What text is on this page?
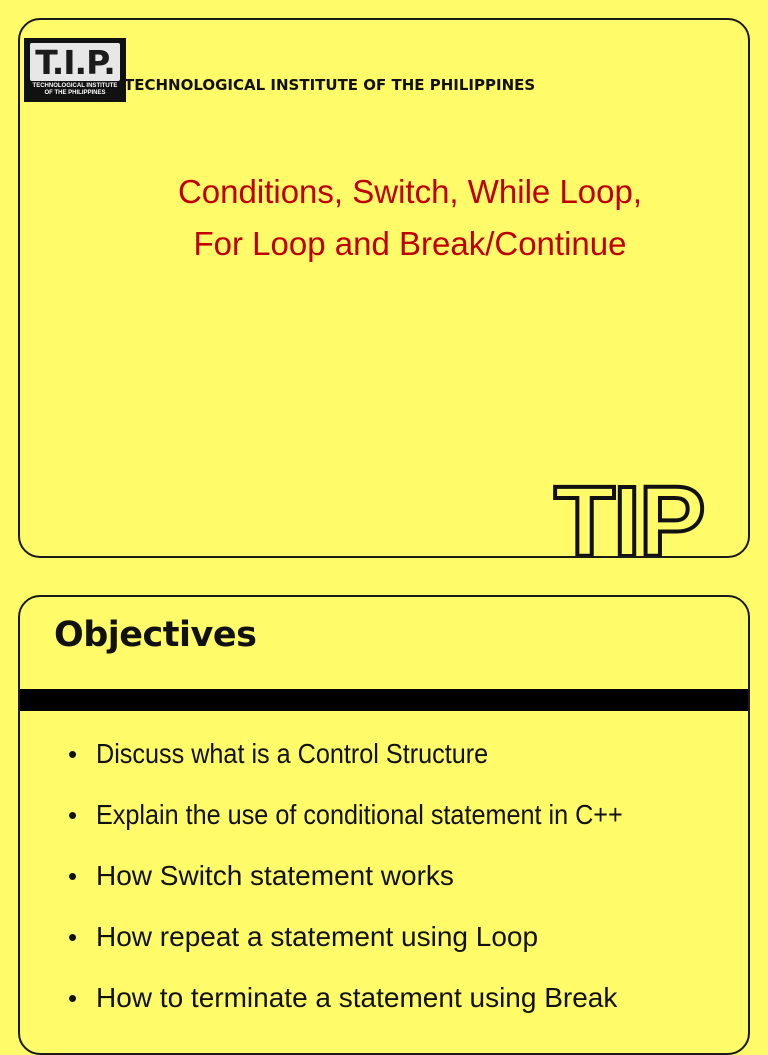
T.I.P.
TECHNOLOGICAL INSTITUTE
OF THE PHILIPPINES	TECHNOLOGICAL INSTITUTE OF THE PHILIPPINES
Conditions, Switch, While Loop,
For Loop and Break/Continue
TIP
Objectives
• Discuss what is a Control Structure
• Explain the use of conditional statement in C++
• How Switch statement works
• How repeat a statement using Loop
• How to terminate a statement using Break
